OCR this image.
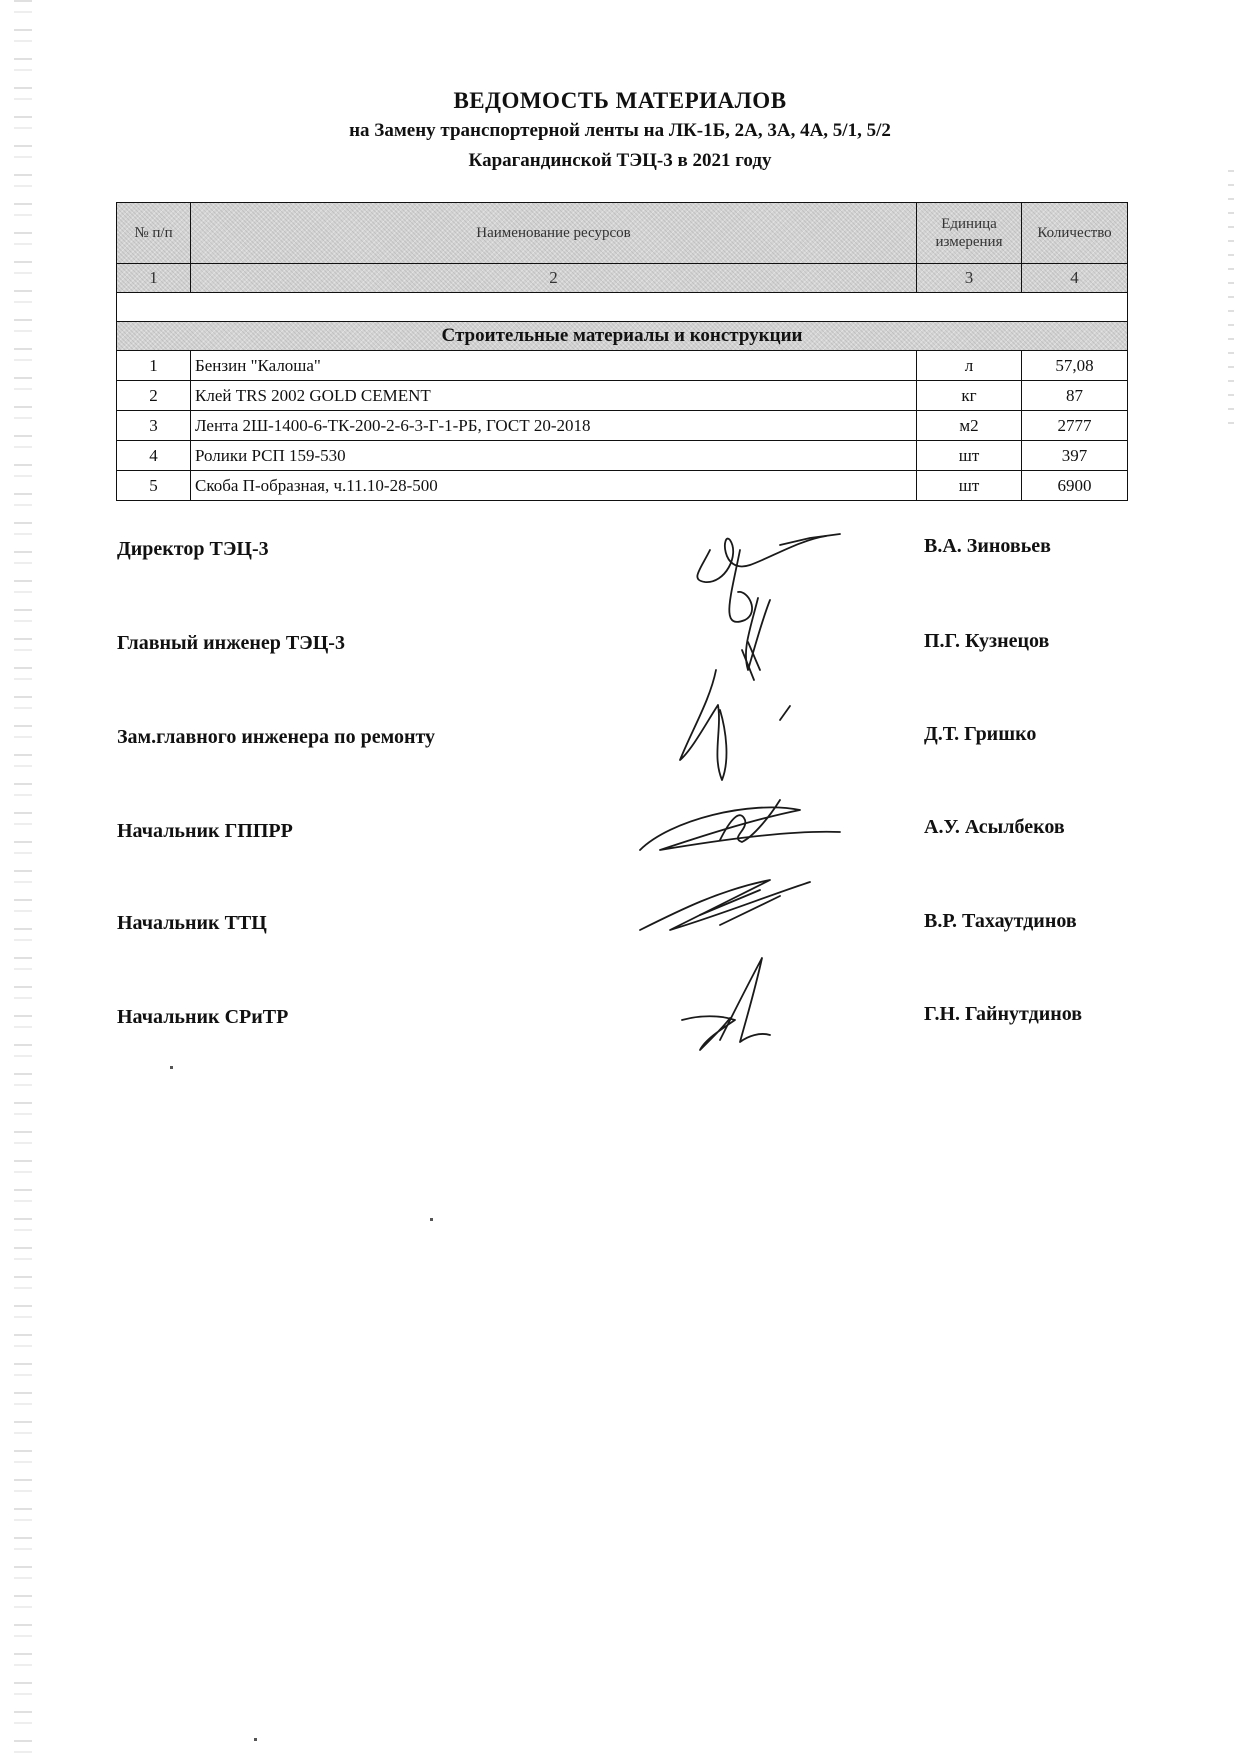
ВЕДОМОСТЬ МАТЕРИАЛОВ
на Замену транспортерной ленты на ЛК-1Б, 2А, 3А, 4А, 5/1, 5/2
Карагандинской ТЭЦ-3 в 2021 году
№ п/п	Наименование ресурсов	Единица измерения	Количество
1	2	3	4

Строительные материалы и конструкции			
1	Бензин "Калоша"	л	57,08
2	Клей TRS 2002 GOLD CEMENT	кг	87
3	Лента 2Ш-1400-6-ТК-200-2-6-3-Г-1-РБ, ГОСТ 20-2018	м2	2777
4	Ролики РСП 159-530	шт	397
5	Скоба П-образная, ч.11.10-28-500	шт	6900
Директор ТЭЦ-3	В.А. Зиновьев
Главный инженер ТЭЦ-3	П.Г. Кузнецов
Зам.главного инженера по ремонту	Д.Т. Гришко
Начальник ГППРР	А.У. Асылбеков
Начальник ТТЦ	В.Р. Тахаутдинов
Начальник СРиТР	Г.Н. Гайнутдинов
